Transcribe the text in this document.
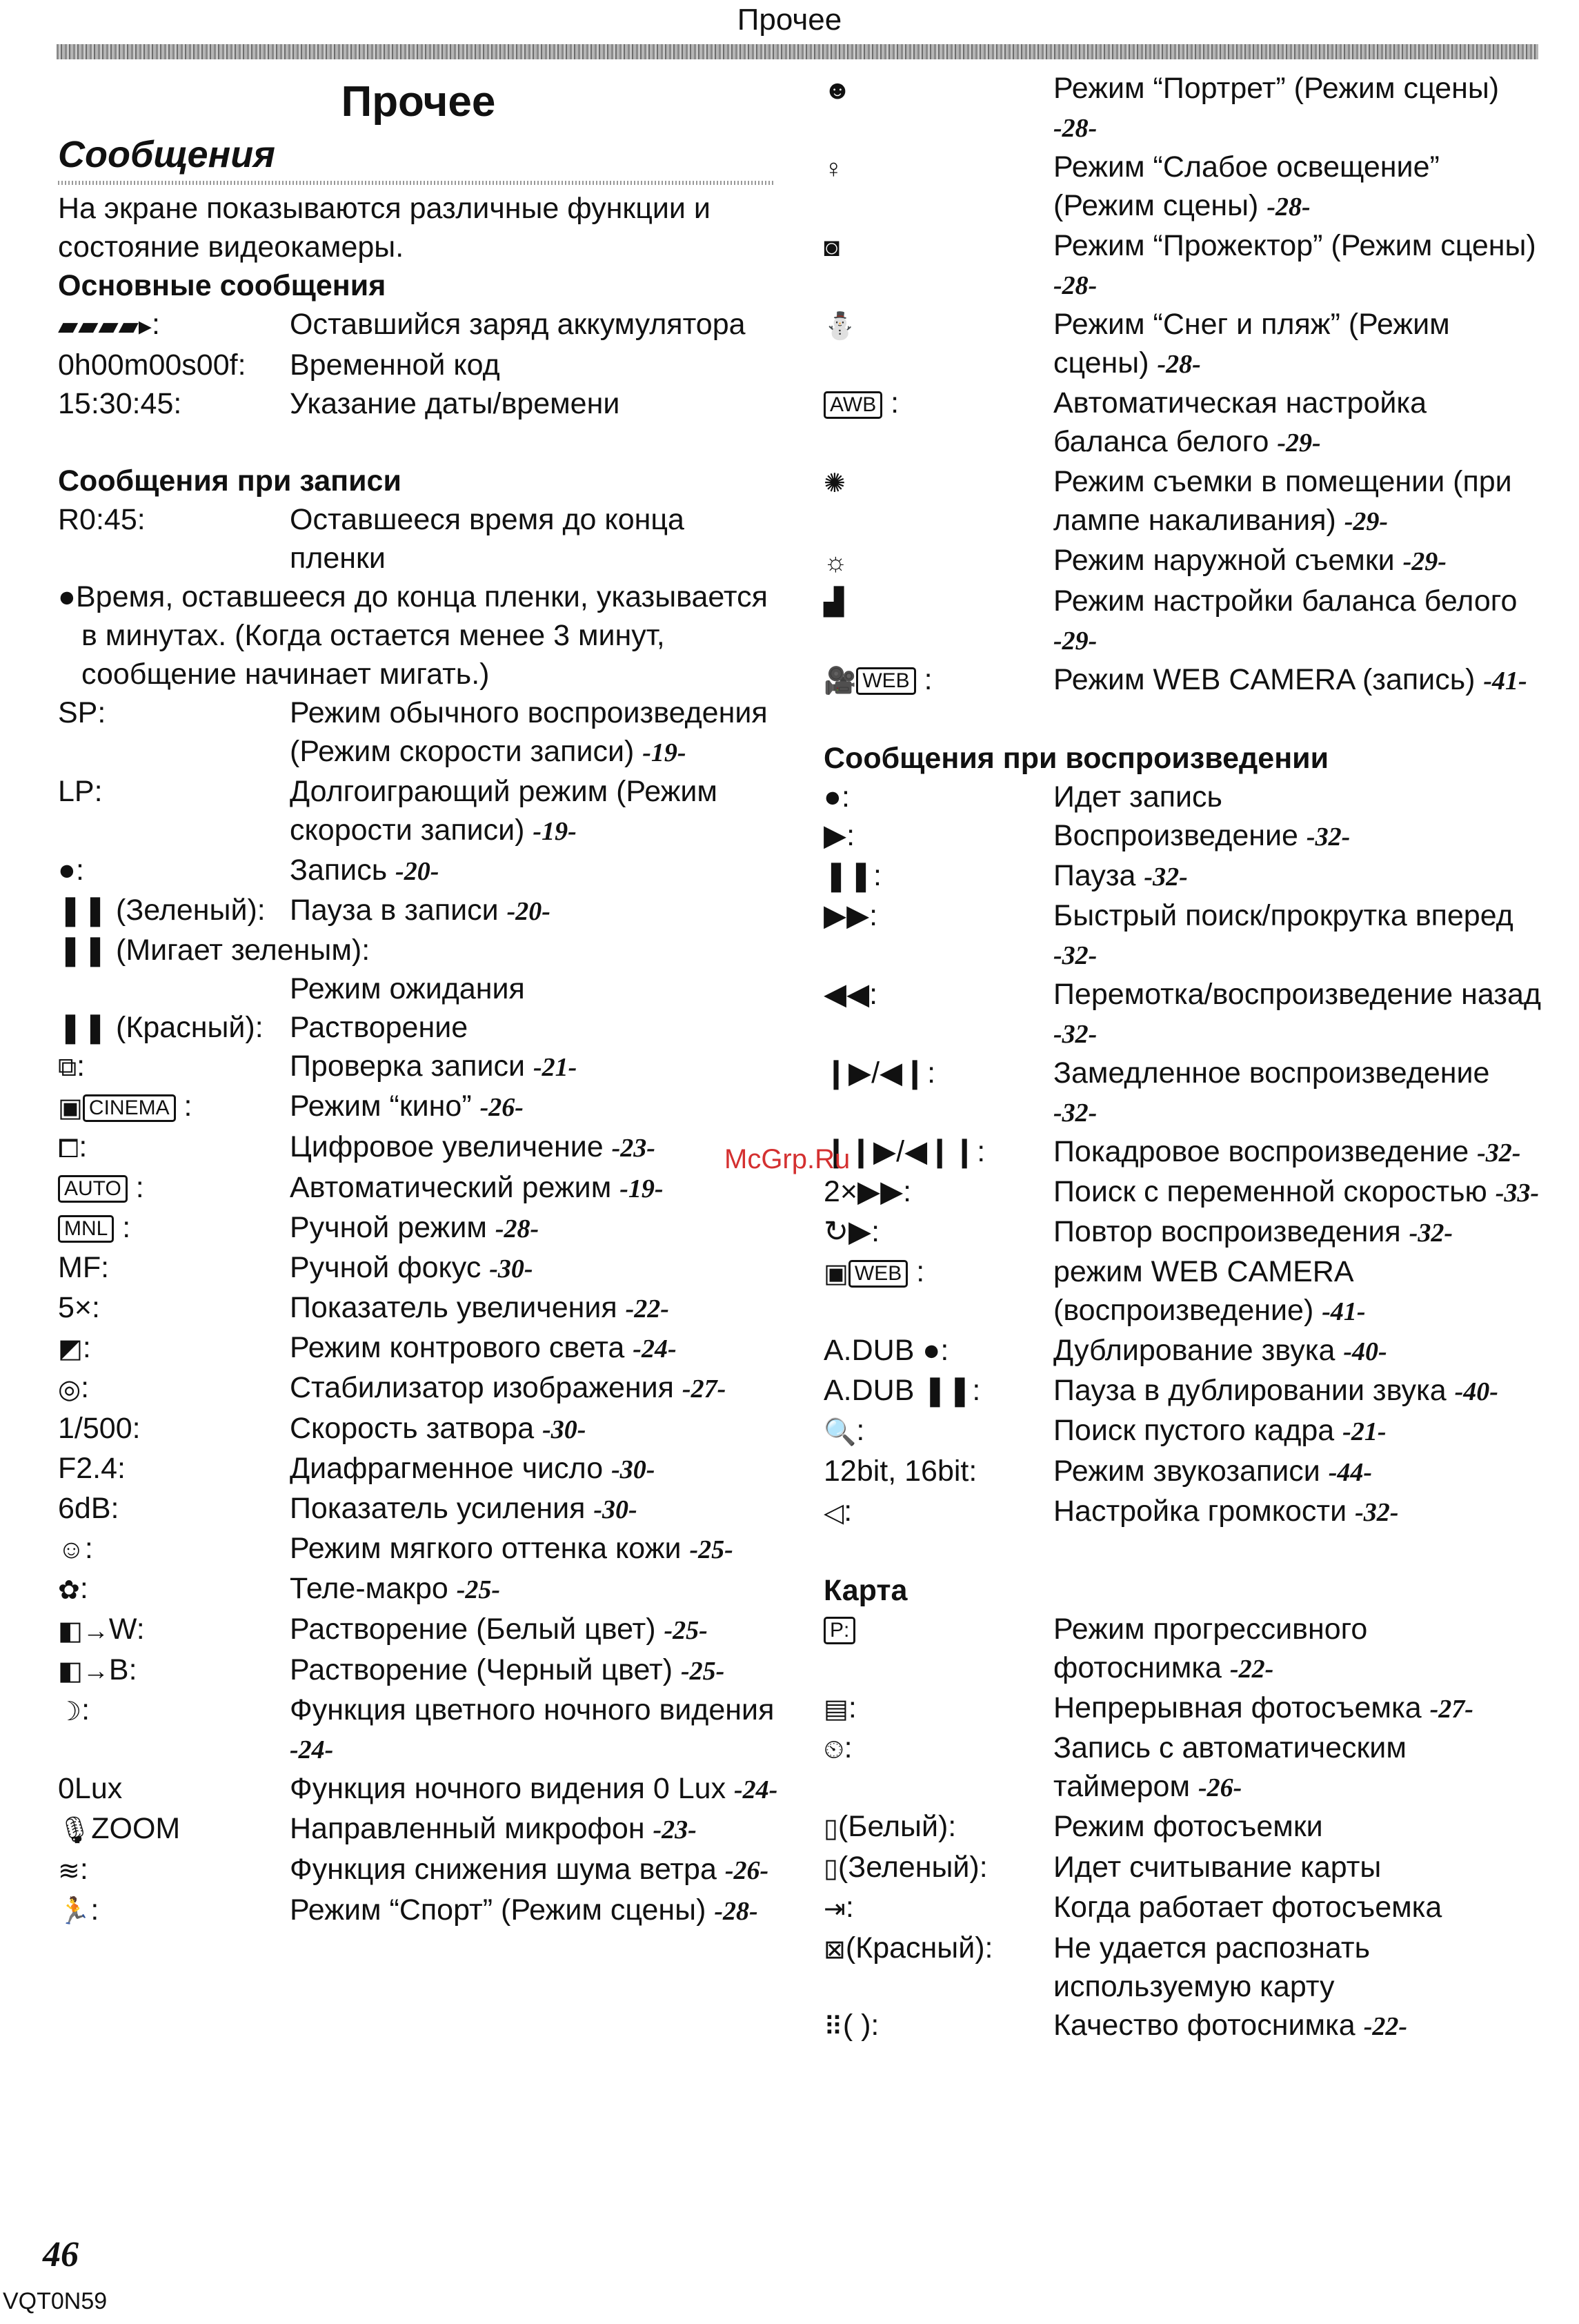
Прочее
Прочее
Сообщения
На экране показываются различные функции и состояние видеокамеры.
Основные сообщения
▰▰▰▰▸:	Оставшийся заряд аккумулятора
0h00m00s00f:	Временной код
15:30:45:	Указание даты/времени
Сообщения при записи
R0:45:	Оставшееся время до конца пленки
●Время, оставшееся до конца пленки, указывается в минутах. (Когда остается менее 3 минут, сообщение начинает мигать.)
SP:	Режим обычного воспроизведения (Режим скорости записи) -19-
LP:	Долгоиграющий режим (Режим скорости записи) -19-
●:	Запись -20-
❚❚ (Зеленый): Пауза в записи -20-
❚❚ (Мигает зеленым):
Режим ожидания
❚❚ (Красный): Растворение
⧉:	Проверка записи -21-
▣CINEMA :	Режим “кино” -26-
⧠:	Цифровое увеличение -23-
AUTO :	Автоматический режим -19-
MNL :	Ручной режим -28-
MF:	Ручной фокус -30-
5×:	Показатель увеличения -22-
◩:	Режим контрового света -24-
◎:	Стабилизатор изображения -27-
1/500:	Скорость затвора -30-
F2.4:	Диафрагменное число -30-
6dB:	Показатель усиления -30-
☺:	Режим мягкого оттенка кожи -25-
✿:	Теле-макро -25-
◧→W:	Растворение (Белый цвет) -25-
◧→B:	Растворение (Черный цвет) -25-
☽:	Функция цветного ночного видения -24-
0Lux	Функция ночного видения 0 Lux -24-
🎙ZOOM	Направленный микрофон -23-
≋:	Функция снижения шума ветра -26-
🏃:	Режим “Спорт” (Режим сцены) -28-
☻	Режим “Портрет” (Режим сцены) -28-
♀	Режим “Слабое освещение” (Режим сцены) -28-
◙	Режим “Прожектор” (Режим сцены) -28-
⛄	Режим “Снег и пляж” (Режим сцены) -28-
AWB :	Автоматическая настройка баланса белого -29-
✺	Режим съемки в помещении (при лампе накаливания) -29-
☼	Режим наружной съемки -29-
▟	Режим настройки баланса белого -29-
🎥WEB :	Режим WEB CAMERA (запись) -41-
Сообщения при воспроизведении
●:	Идет запись
▶:	Воспроизведение -32-
❚❚:	Пауза -32-
▶▶:	Быстрый поиск/прокрутка вперед -32-
◀◀:	Перемотка/воспроизведение назад -32-
❙▶/◀❙:	Замедленное воспроизведение -32-
❙❙▶/◀❙❙:	Покадровое воспроизведение -32-
2×▶▶:	Поиск с переменной скоростью -33-
↻▶:	Повтор воспроизведения -32-
▣WEB :	режим WEB CAMERA (воспроизведение) -41-
A.DUB ●:	Дублирование звука -40-
A.DUB ❚❚:	Пауза в дублировании звука -40-
🔍:	Поиск пустого кадра -21-
12bit, 16bit:	Режим звукозаписи -44-
◁:	Настройка громкости -32-
Карта
P:	Режим прогрессивного фотоснимка -22-
▤:	Непрерывная фотосъемка -27-
⏲:	Запись с автоматическим таймером -26-
▯(Белый):	Режим фотосъемки
▯(Зеленый):	Идет считывание карты
⇥:	Когда работает фотосъемка
⊠(Красный):	Не удается распознать используемую карту
⠿( ):	Качество фотоснимка -22-
McGrp.Ru
46
VQT0N59
